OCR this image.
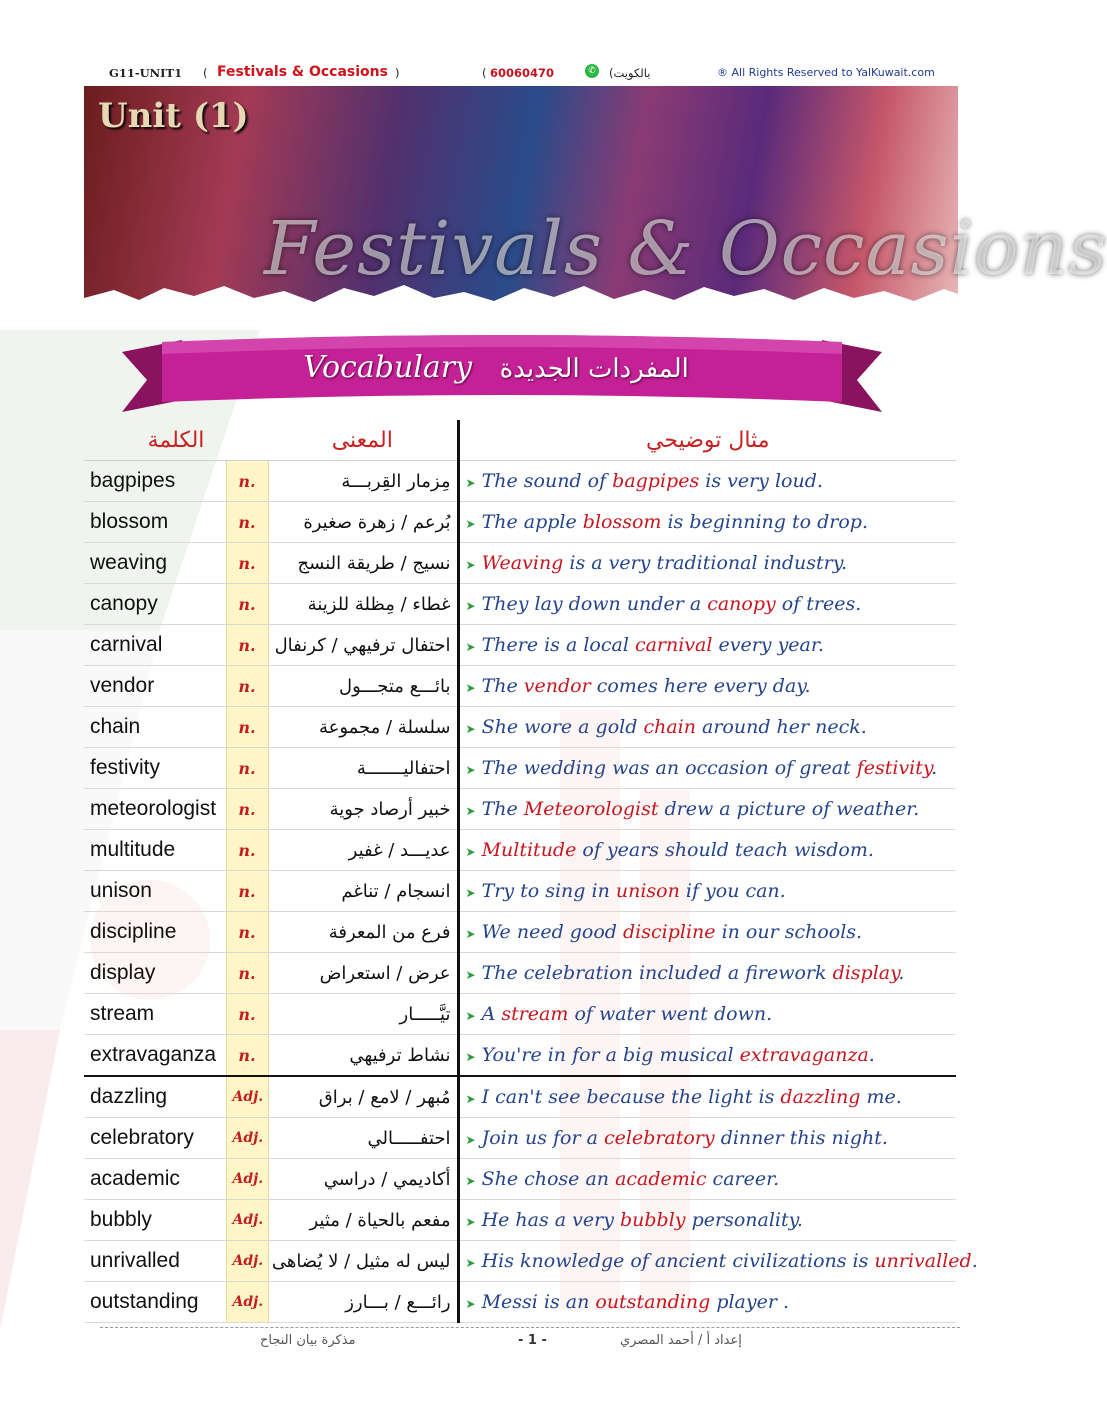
G11-UNIT1 ( Festivals & Occasions )	( 60060470	✆ (بالكويت	® All Rights Reserved to YalKuwait.com
Unit (1)
Festivals & Occasions
Vocabulary المفردات الجديدة
الكلمة		المعنى	مثال توضيحي
bagpipes	n.	مِزمار القِربـــة	➤ The sound of bagpipes is very loud.
blossom	n.	بُرعم / زهرة صغيرة	➤ The apple blossom is beginning to drop.
weaving	n.	نسيج / طريقة النسج	➤ Weaving is a very traditional industry.
canopy	n.	غطاء / مِظلة للزينة	➤ They lay down under a canopy of trees.
carnival	n.	احتفال ترفيهي / كرنفال	➤ There is a local carnival every year.
vendor	n.	بائـــع متجـــول	➤ The vendor comes here every day.
chain	n.	سلسلة / مجموعة	➤ She wore a gold chain around her neck.
festivity	n.	احتفاليـــــــة	➤ The wedding was an occasion of great festivity.
meteorologist	n.	خبير أرصاد جوية	➤ The Meteorologist drew a picture of weather.
multitude	n.	عديـــد / غفير	➤ Multitude of years should teach wisdom.
unison	n.	انسجام / تناغم	➤ Try to sing in unison if you can.
discipline	n.	فرع من المعرفة	➤ We need good discipline in our schools.
display	n.	عرض / استعراض	➤ The celebration included a firework display.
stream	n.	تيَّـــــار	➤ A stream of water went down.
extravaganza	n.	نشاط ترفيهي	➤ You're in for a big musical extravaganza.
dazzling	Adj.	مُبهر / لامع / براق	➤ I can't see because the light is dazzling me.
celebratory	Adj.	احتفـــــالي	➤ Join us for a celebratory dinner this night.
academic	Adj.	أكاديمي / دراسي	➤ She chose an academic career.
bubbly	Adj.	مفعم بالحياة / مثير	➤ He has a very bubbly personality.
unrivalled	Adj.	ليس له مثيل / لا يُضاهى	➤ His knowledge of ancient civilizations is unrivalled.
outstanding	Adj.	رائـــع / بـــارز	➤ Messi is an outstanding player .
مذكرة بيان النجاح	- 1 -	إعداد أ / أحمد المصري
